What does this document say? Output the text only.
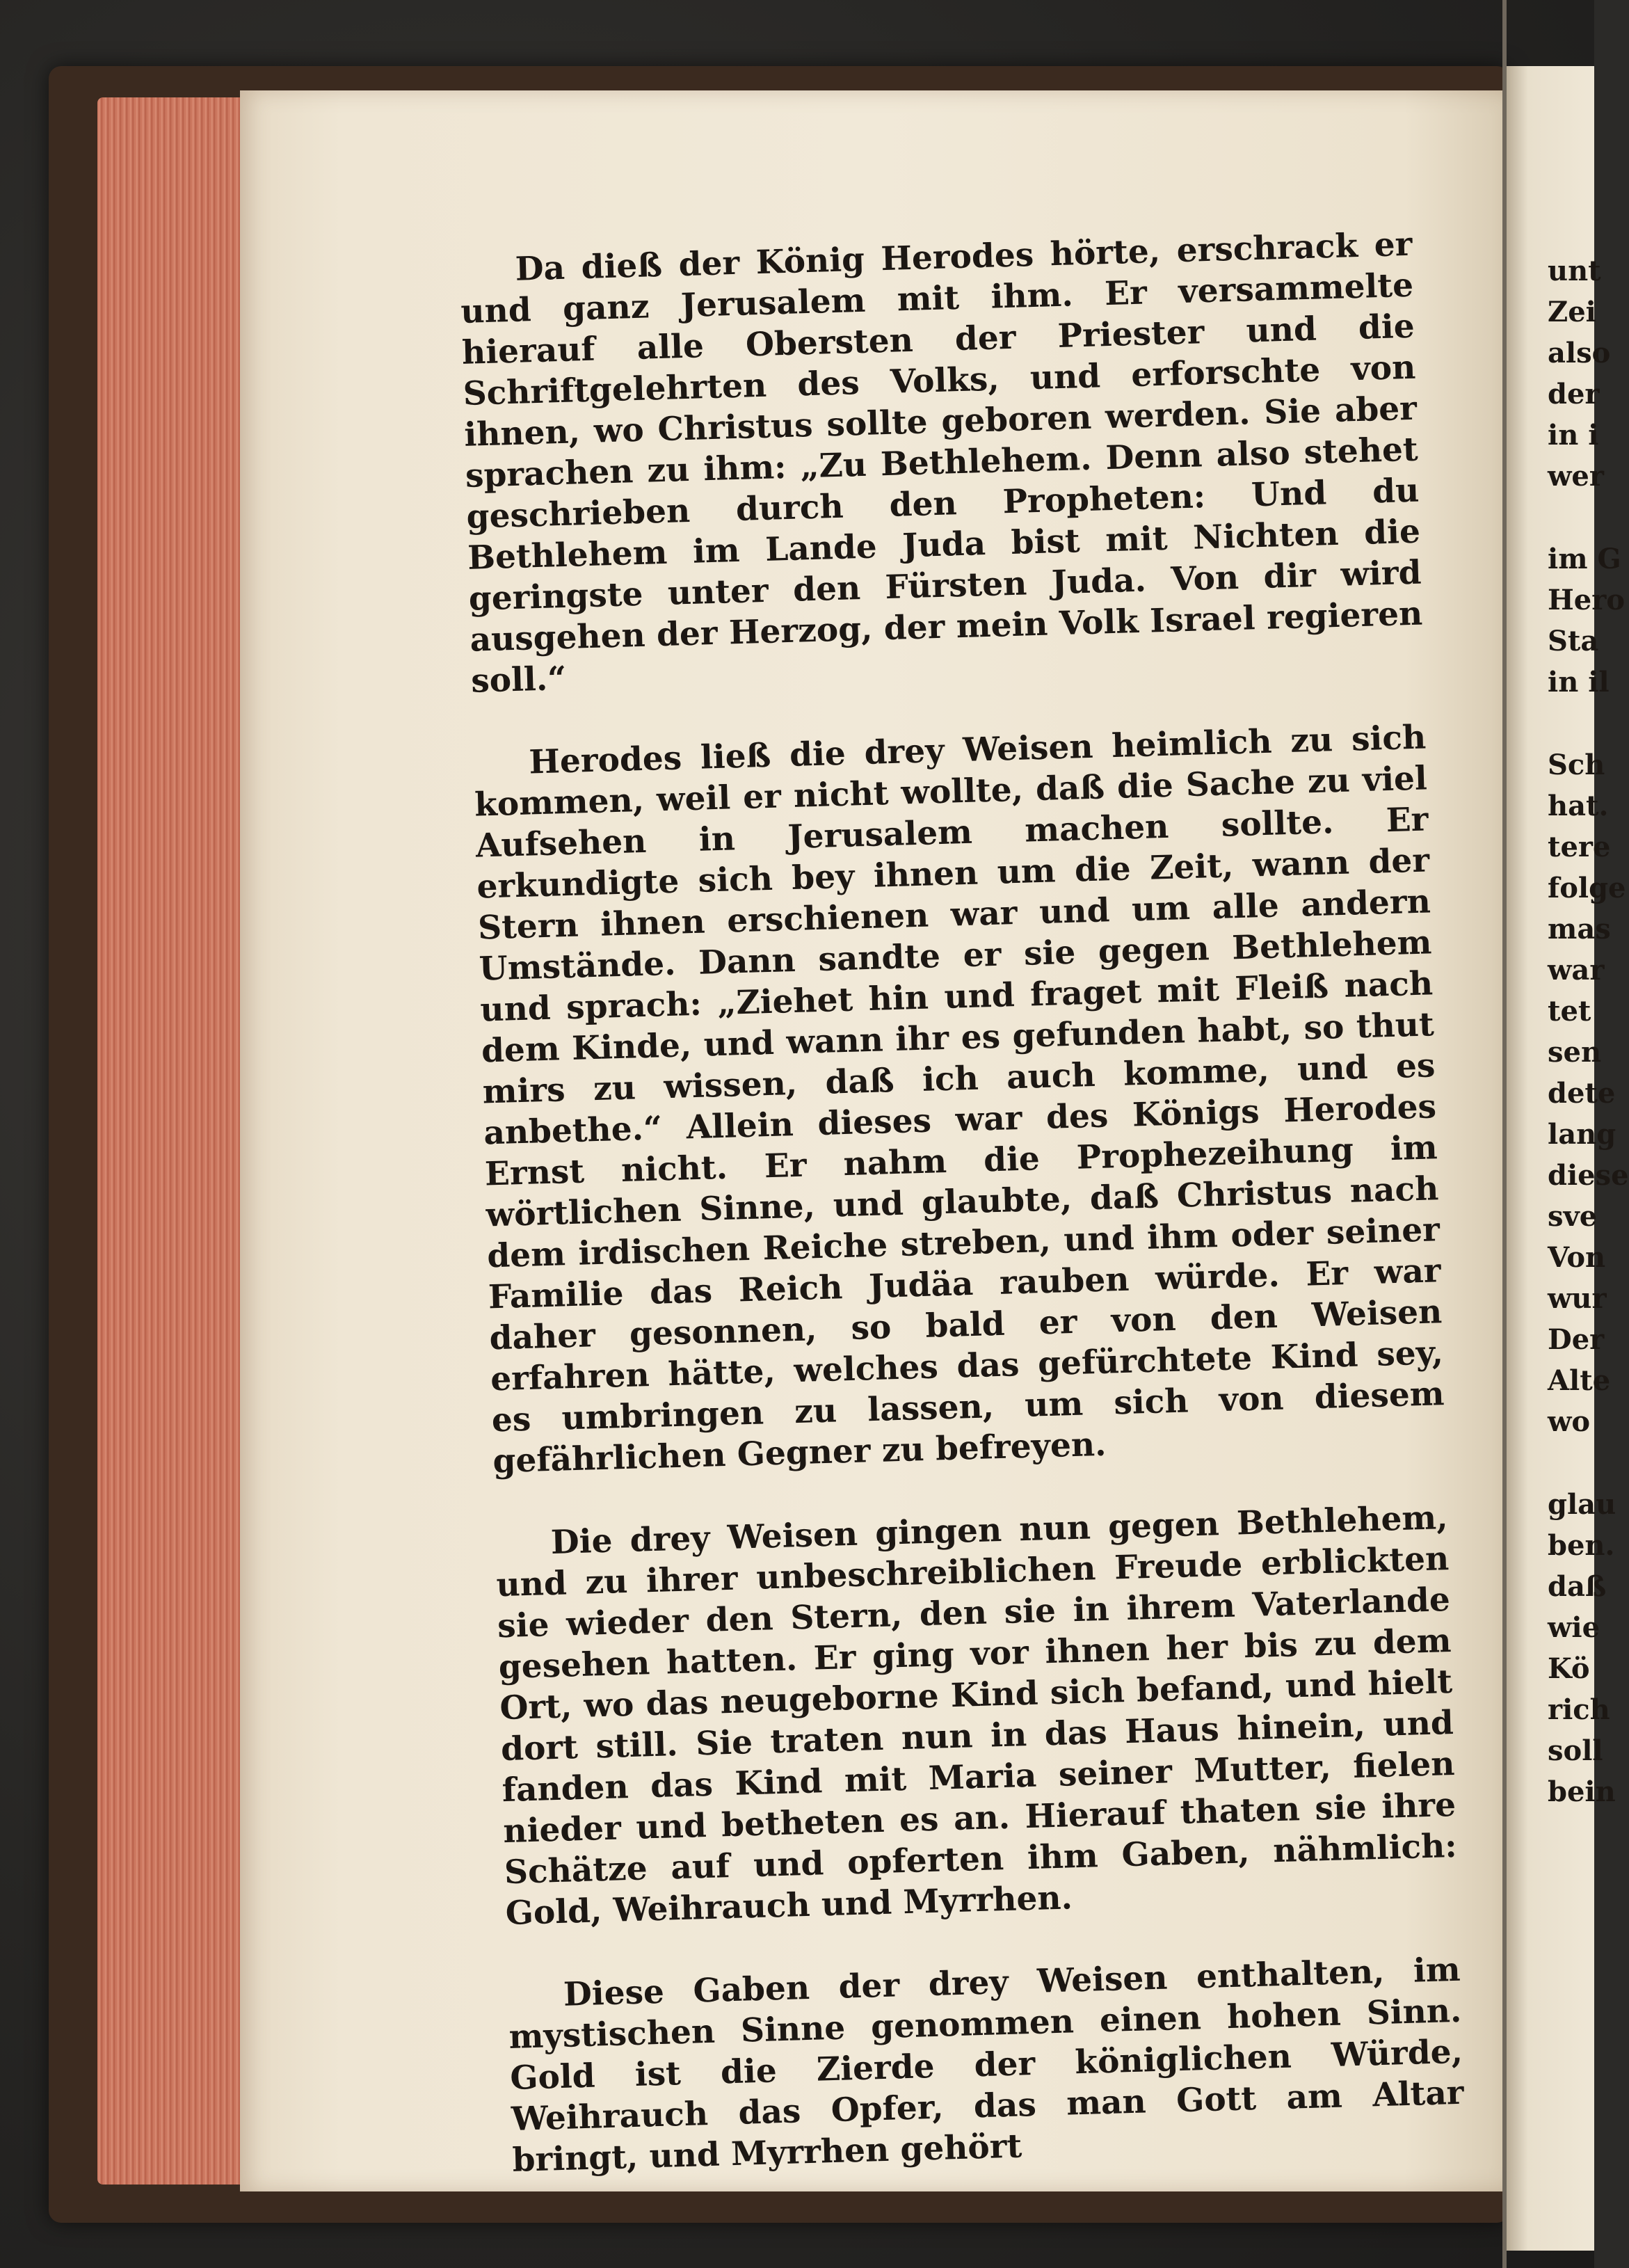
Da dieß der König Herodes hörte, erschrack er und ganz Jerusalem mit ihm. Er versammelte hierauf alle Obersten der Priester und die Schriftgelehrten des Volks, und erforschte von ihnen, wo Christus sollte geboren werden. Sie aber sprachen zu ihm: „Zu Bethlehem. Denn also stehet geschrieben durch den Propheten: Und du Bethlehem im Lande Juda bist mit Nichten die geringste unter den Fürsten Juda. Von dir wird ausgehen der Herzog, der mein Volk Israel regieren soll.“

Herodes ließ die drey Weisen heimlich zu sich kommen, weil er nicht wollte, daß die Sache zu viel Aufsehen in Jerusalem machen sollte. Er erkundigte sich bey ihnen um die Zeit, wann der Stern ihnen erschienen war und um alle andern Umstände. Dann sandte er sie gegen Bethlehem und sprach: „Ziehet hin und fraget mit Fleiß nach dem Kinde, und wann ihr es gefunden habt, so thut mirs zu wissen, daß ich auch komme, und es anbethe.“ Allein dieses war des Königs Herodes Ernst nicht. Er nahm die Prophezeihung im wörtlichen Sinne, und glaubte, daß Christus nach dem irdischen Reiche streben, und ihm oder seiner Familie das Reich Judäa rauben würde. Er war daher gesonnen, so bald er von den Weisen erfahren hätte, welches das gefürchtete Kind sey, es umbringen zu lassen, um sich von diesem gefährlichen Gegner zu befreyen.

Die drey Weisen gingen nun gegen Bethlehem, und zu ihrer unbeschreiblichen Freude erblickten sie wieder den Stern, den sie in ihrem Vaterlande gesehen hatten. Er ging vor ihnen her bis zu dem Ort, wo das neugeborne Kind sich befand, und hielt dort still. Sie traten nun in das Haus hinein, und fanden das Kind mit Maria seiner Mutter, fielen nieder und betheten es an. Hierauf thaten sie ihre Schätze auf und opferten ihm Gaben, nähmlich: Gold, Weihrauch und Myrrhen.

Diese Gaben der drey Weisen enthalten, im mystischen Sinne genommen einen hohen Sinn. Gold ist die Zierde der königlichen Würde, Weihrauch das Opfer, das man Gott am Altar bringt, und Myrrhen gehört

unt
Zei
also
der
in i
wer
im G
Hero
Sta
in il
Sch
hat.
tere
folge
mas
war
tet
sen
dete
lang
diese
sve
Von
wur
Der
Alte
wo
glau
ben.
daß
wie
Kö
rich
soll
bein
